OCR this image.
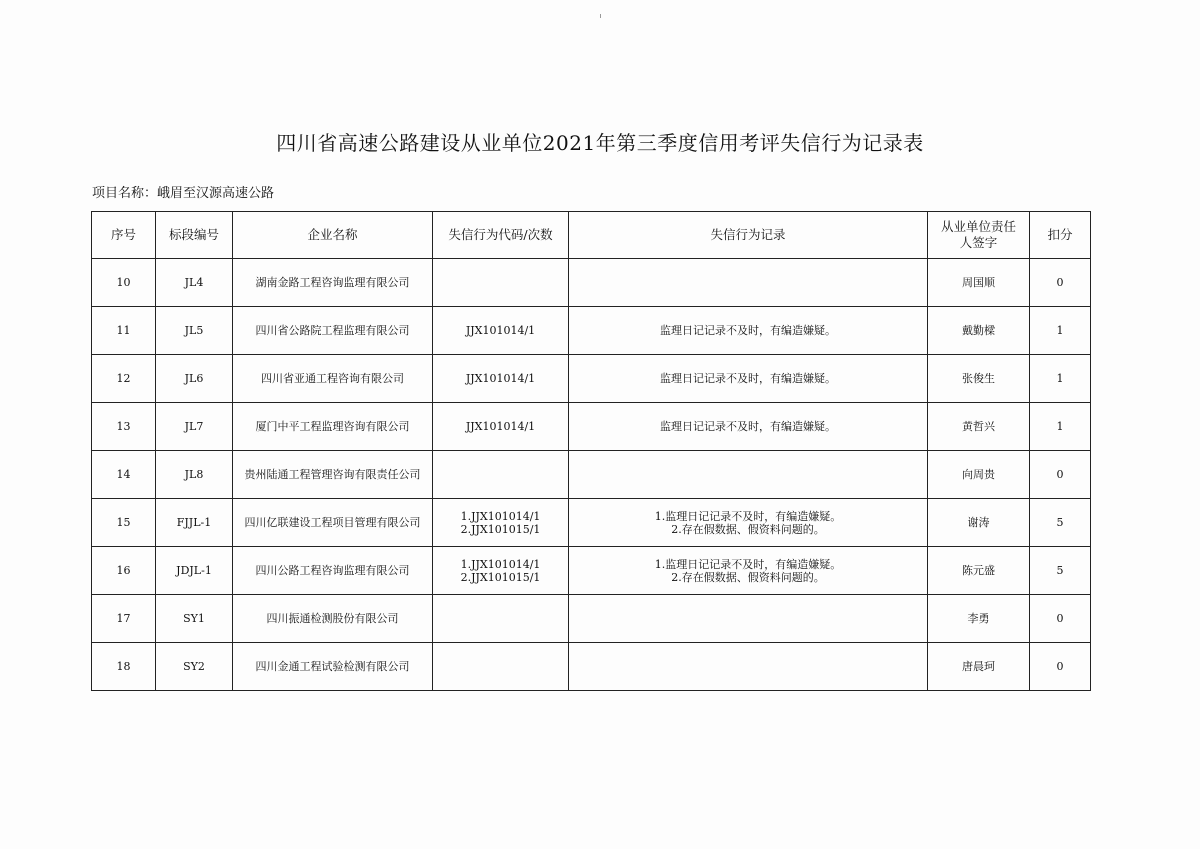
四川省高速公路建设从业单位2021年第三季度信用考评失信行为记录表
项目名称：峨眉至汉源高速公路
序号	标段编号	企业名称	失信行为代码/次数	失信行为记录	从业单位责任人签字	扣分
10	JL4	湖南金路工程咨询监理有限公司			周国顺	0
11	JL5	四川省公路院工程监理有限公司	JJX101014/1	监理日记记录不及时，有编造嫌疑。	戴勤樑	1
12	JL6	四川省亚通工程咨询有限公司	JJX101014/1	监理日记记录不及时，有编造嫌疑。	张俊生	1
13	JL7	厦门中平工程监理咨询有限公司	JJX101014/1	监理日记记录不及时，有编造嫌疑。	黄哲兴	1
14	JL8	贵州陆通工程管理咨询有限责任公司			向周贵	0
15	FJJL-1	四川亿联建设工程项目管理有限公司	1.JJX101014/1
2.JJX101015/1	1.监理日记记录不及时，有编造嫌疑。
2.存在假数据、假资料问题的。	谢涛	5
16	JDJL-1	四川公路工程咨询监理有限公司	1.JJX101014/1
2.JJX101015/1	1.监理日记记录不及时，有编造嫌疑。
2.存在假数据、假资料问题的。	陈元盛	5
17	SY1	四川振通检测股份有限公司			李勇	0
18	SY2	四川金通工程试验检测有限公司			唐晨珂	0
